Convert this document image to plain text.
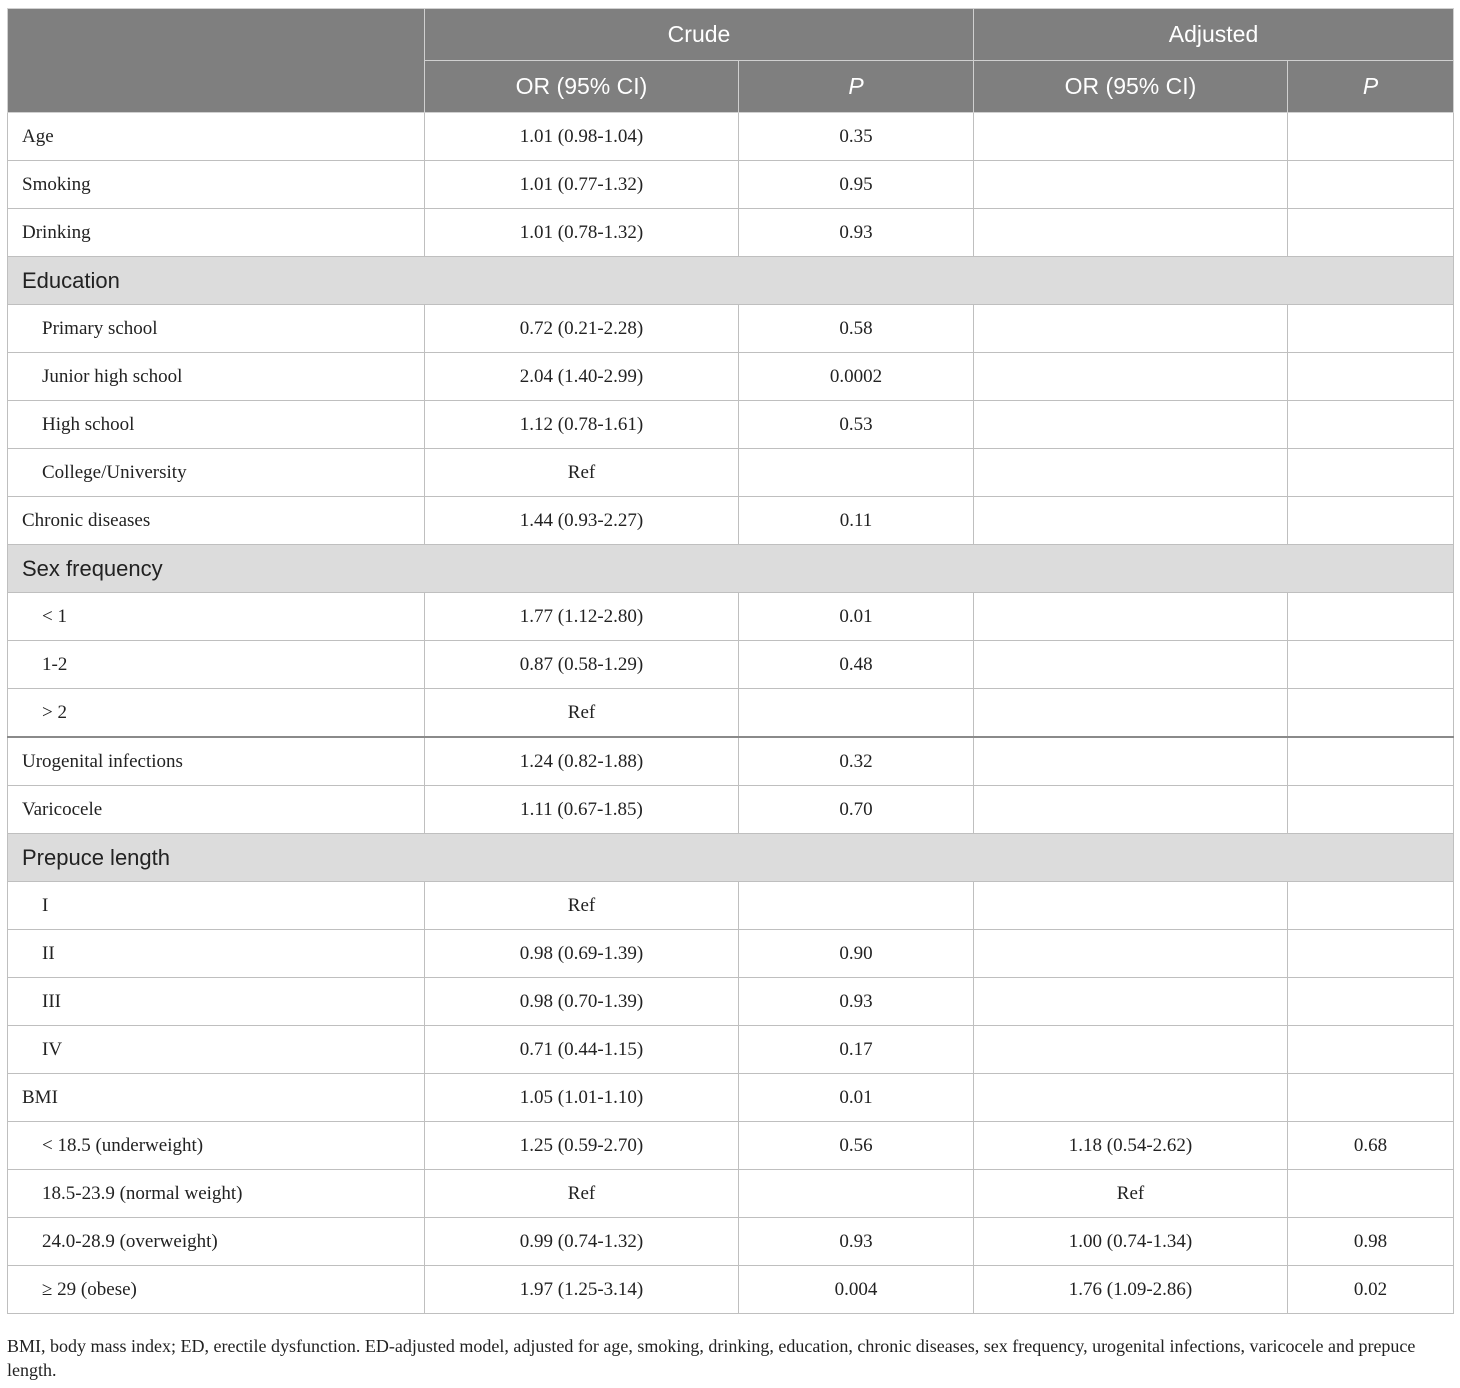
	Crude		Adjusted	
	OR (95% CI)	P	OR (95% CI)	P
Age	1.01 (0.98-1.04)	0.35		
Smoking	1.01 (0.77-1.32)	0.95		
Drinking	1.01 (0.78-1.32)	0.93		
Education				
Primary school	0.72 (0.21-2.28)	0.58		
Junior high school	2.04 (1.40-2.99)	0.0002		
High school	1.12 (0.78-1.61)	0.53		
College/University	Ref			
Chronic diseases	1.44 (0.93-2.27)	0.11		
Sex frequency				
< 1	1.77 (1.12-2.80)	0.01		
1-2	0.87 (0.58-1.29)	0.48		
> 2	Ref			
Urogenital infections	1.24 (0.82-1.88)	0.32		
Varicocele	1.11 (0.67-1.85)	0.70		
Prepuce length				
I	Ref			
II	0.98 (0.69-1.39)	0.90		
III	0.98 (0.70-1.39)	0.93		
IV	0.71 (0.44-1.15)	0.17		
BMI	1.05 (1.01-1.10)	0.01		
< 18.5 (underweight)	1.25 (0.59-2.70)	0.56	1.18 (0.54-2.62)	0.68
18.5-23.9 (normal weight)	Ref		Ref	
24.0-28.9 (overweight)	0.99 (0.74-1.32)	0.93	1.00 (0.74-1.34)	0.98
≥ 29 (obese)	1.97 (1.25-3.14)	0.004	1.76 (1.09-2.86)	0.02
BMI, body mass index; ED, erectile dysfunction. ED-adjusted model, adjusted for age, smoking, drinking, education, chronic diseases, sex frequency, urogenital infections, varicocele and prepuce length.
